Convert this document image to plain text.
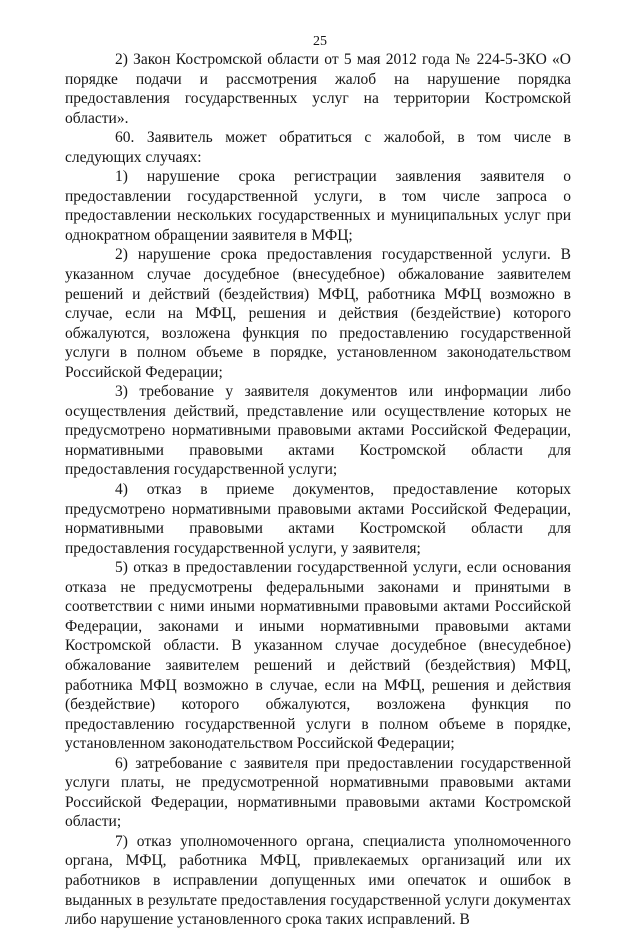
25

2) Закон Костромской области от 5 мая 2012 года № 224-5-ЗКО «О порядке подачи и рассмотрения жалоб на нарушение порядка предоставления государственных услуг на территории Костромской области».

60. Заявитель может обратиться с жалобой, в том числе в следующих случаях:

1) нарушение срока регистрации заявления заявителя о предоставлении государственной услуги, в том числе запроса о предоставлении нескольких государственных и муниципальных услуг при однократном обращении заявителя в МФЦ;

2) нарушение срока предоставления государственной услуги. В указанном случае досудебное (внесудебное) обжалование заявителем решений и действий (бездействия) МФЦ, работника МФЦ возможно в случае, если на МФЦ, решения и действия (бездействие) которого обжалуются, возложена функция по предоставлению государственной услуги в полном объеме в порядке, установленном законодательством Российской Федерации;

3) требование у заявителя документов или информации либо осуществления действий, представление или осуществление которых не предусмотрено нормативными правовыми актами Российской Федерации, нормативными правовыми актами Костромской области для предоставления государственной услуги;

4) отказ в приеме документов, предоставление которых предусмотрено нормативными правовыми актами Российской Федерации, нормативными правовыми актами Костромской области для предоставления государственной услуги, у заявителя;

5) отказ в предоставлении государственной услуги, если основания отказа не предусмотрены федеральными законами и принятыми в соответствии с ними иными нормативными правовыми актами Российской Федерации, законами и иными нормативными правовыми актами Костромской области. В указанном случае досудебное (внесудебное) обжалование заявителем решений и действий (бездействия) МФЦ, работника МФЦ возможно в случае, если на МФЦ, решения и действия (бездействие) которого обжалуются, возложена функция по предоставлению государственной услуги в полном объеме в порядке, установленном законодательством Российской Федерации;

6) затребование с заявителя при предоставлении государственной услуги платы, не предусмотренной нормативными правовыми актами Российской Федерации, нормативными правовыми актами Костромской области;

7) отказ уполномоченного органа, специалиста уполномоченного органа, МФЦ, работника МФЦ, привлекаемых организаций или их работников в исправлении допущенных ими опечаток и ошибок в выданных в результате предоставления государственной услуги документах либо нарушение установленного срока таких исправлений. В
